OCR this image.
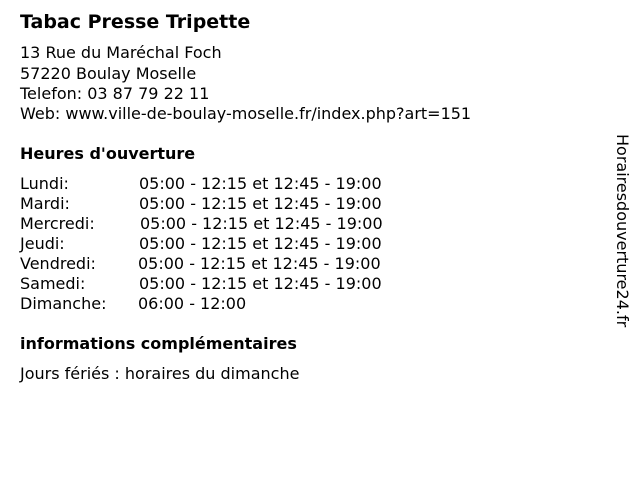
Tabac Presse Tripette
13 Rue du Maréchal Foch
57220 Boulay Moselle
Telefon: 03 87 79 22 11
Web: www.ville-de-boulay-moselle.fr/index.php?art=151
Heures d'ouverture
Lundi:	05:00 - 12:15 et 12:45 - 19:00
Mardi:	05:00 - 12:15 et 12:45 - 19:00
Mercredi:	05:00 - 12:15 et 12:45 - 19:00
Jeudi:	05:00 - 12:15 et 12:45 - 19:00
Vendredi:	05:00 - 12:15 et 12:45 - 19:00
Samedi:	05:00 - 12:15 et 12:45 - 19:00
Dimanche: 06:00 - 12:00
informations complémentaires
Jours fériés : horaires du dimanche
Horairesdouverture24.fr
